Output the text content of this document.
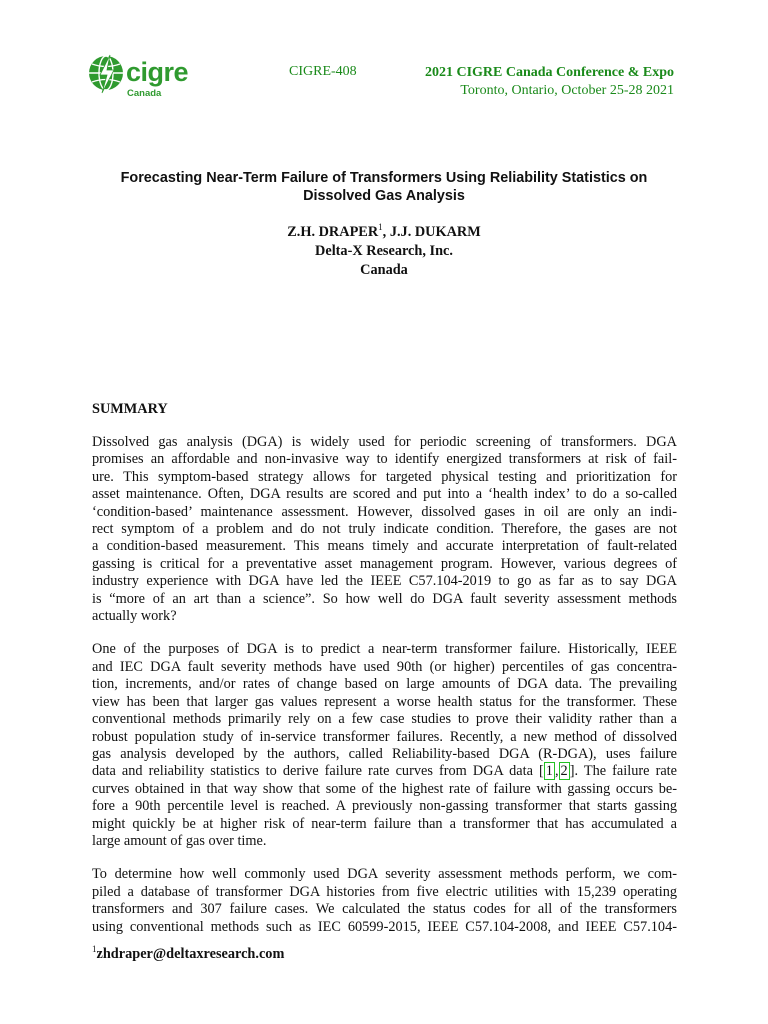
cigre
Canada
CIGRE-408	2021 CIGRE Canada Conference & Expo
Toronto, Ontario, October 25-28 2021
Forecasting Near-Term Failure of Transformers Using Reliability Statistics on
Dissolved Gas Analysis
Z.H. DRAPER$^1$, J.J. DUKARM
Delta-X Research, Inc.
Canada
SUMMARY

Dissolved gas analysis (DGA) is widely used for periodic screening of transformers. DGA
promises an affordable and non-invasive way to identify energized transformers at risk of fail-
ure. This symptom-based strategy allows for targeted physical testing and prioritization for
asset maintenance. Often, DGA results are scored and put into a ‘health index’ to do a so-called
‘condition-based’ maintenance assessment. However, dissolved gases in oil are only an indi-
rect symptom of a problem and do not truly indicate condition. Therefore, the gases are not
a condition-based measurement. This means timely and accurate interpretation of fault-related
gassing is critical for a preventative asset management program. However, various degrees of
industry experience with DGA have led the IEEE C57.104-2019 to go as far as to say DGA
is “more of an art than a science”. So how well do DGA fault severity assessment methods
actually work?

One of the purposes of DGA is to predict a near-term transformer failure. Historically, IEEE
and IEC DGA fault severity methods have used 90th (or higher) percentiles of gas concentra-
tion, increments, and/or rates of change based on large amounts of DGA data. The prevailing
view has been that larger gas values represent a worse health status for the transformer. These
conventional methods primarily rely on a few case studies to prove their validity rather than a
robust population study of in-service transformer failures. Recently, a new method of dissolved
gas analysis developed by the authors, called Reliability-based DGA (R-DGA), uses failure
data and reliability statistics to derive failure rate curves from DGA data [ 1 , 2 ]. The failure rate
curves obtained in that way show that some of the highest rate of failure with gassing occurs be-
fore a 90th percentile level is reached. A previously non-gassing transformer that starts gassing
might quickly be at higher risk of near-term failure than a transformer that has accumulated a
large amount of gas over time.

To determine how well commonly used DGA severity assessment methods perform, we com-
piled a database of transformer DGA histories from five electric utilities with 15,239 operating
transformers and 307 failure cases. We calculated the status codes for all of the transformers
using conventional methods such as IEC 60599-2015, IEEE C57.104-2008, and IEEE C57.104-

$^1$zhdraper@deltaxresearch.com
